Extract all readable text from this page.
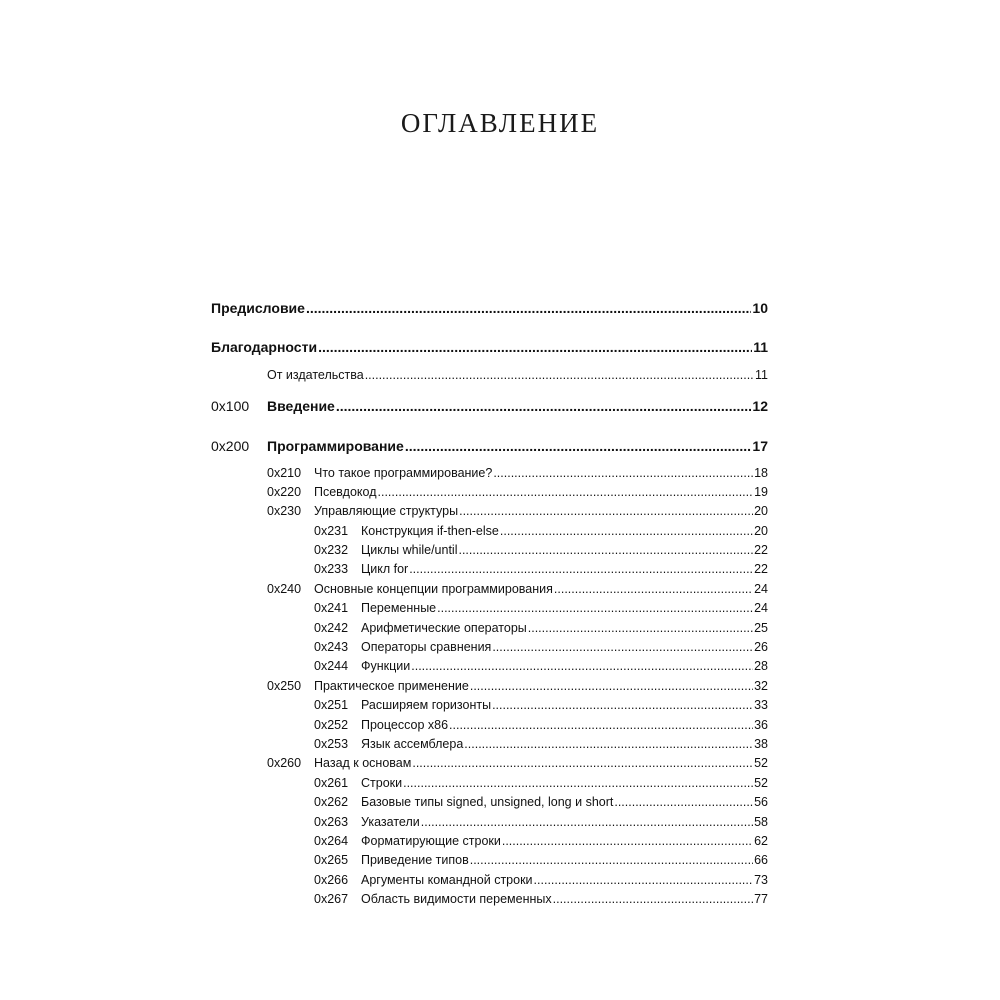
ОГЛАВЛЕНИЕ
Предисловие .....	10
Благодарности .....	11
От издательства .....	11
0x100	Введение .....	12
0x200	Программирование .....	17
0x210	Что такое программирование? .....	18
0x220	Псевдокод .....	19
0x230	Управляющие структуры .....	20
0x231	Конструкция if-then-else .....	20
0x232	Циклы while/until .....	22
0x233	Цикл for .....	22
0x240	Основные концепции программирования .....	24
0x241	Переменные .....	24
0x242	Арифметические операторы .....	25
0x243	Операторы сравнения .....	26
0x244	Функции .....	28
0x250	Практическое применение .....	32
0x251	Расширяем горизонты .....	33
0x252	Процессор x86 .....	36
0x253	Язык ассемблера .....	38
0x260	Назад к основам .....	52
0x261	Строки .....	52
0x262	Базовые типы signed, unsigned, long и short .....	56
0x263	Указатели .....	58
0x264	Форматирующие строки .....	62
0x265	Приведение типов .....	66
0x266	Аргументы командной строки .....	73
0x267	Область видимости переменных .....	77
